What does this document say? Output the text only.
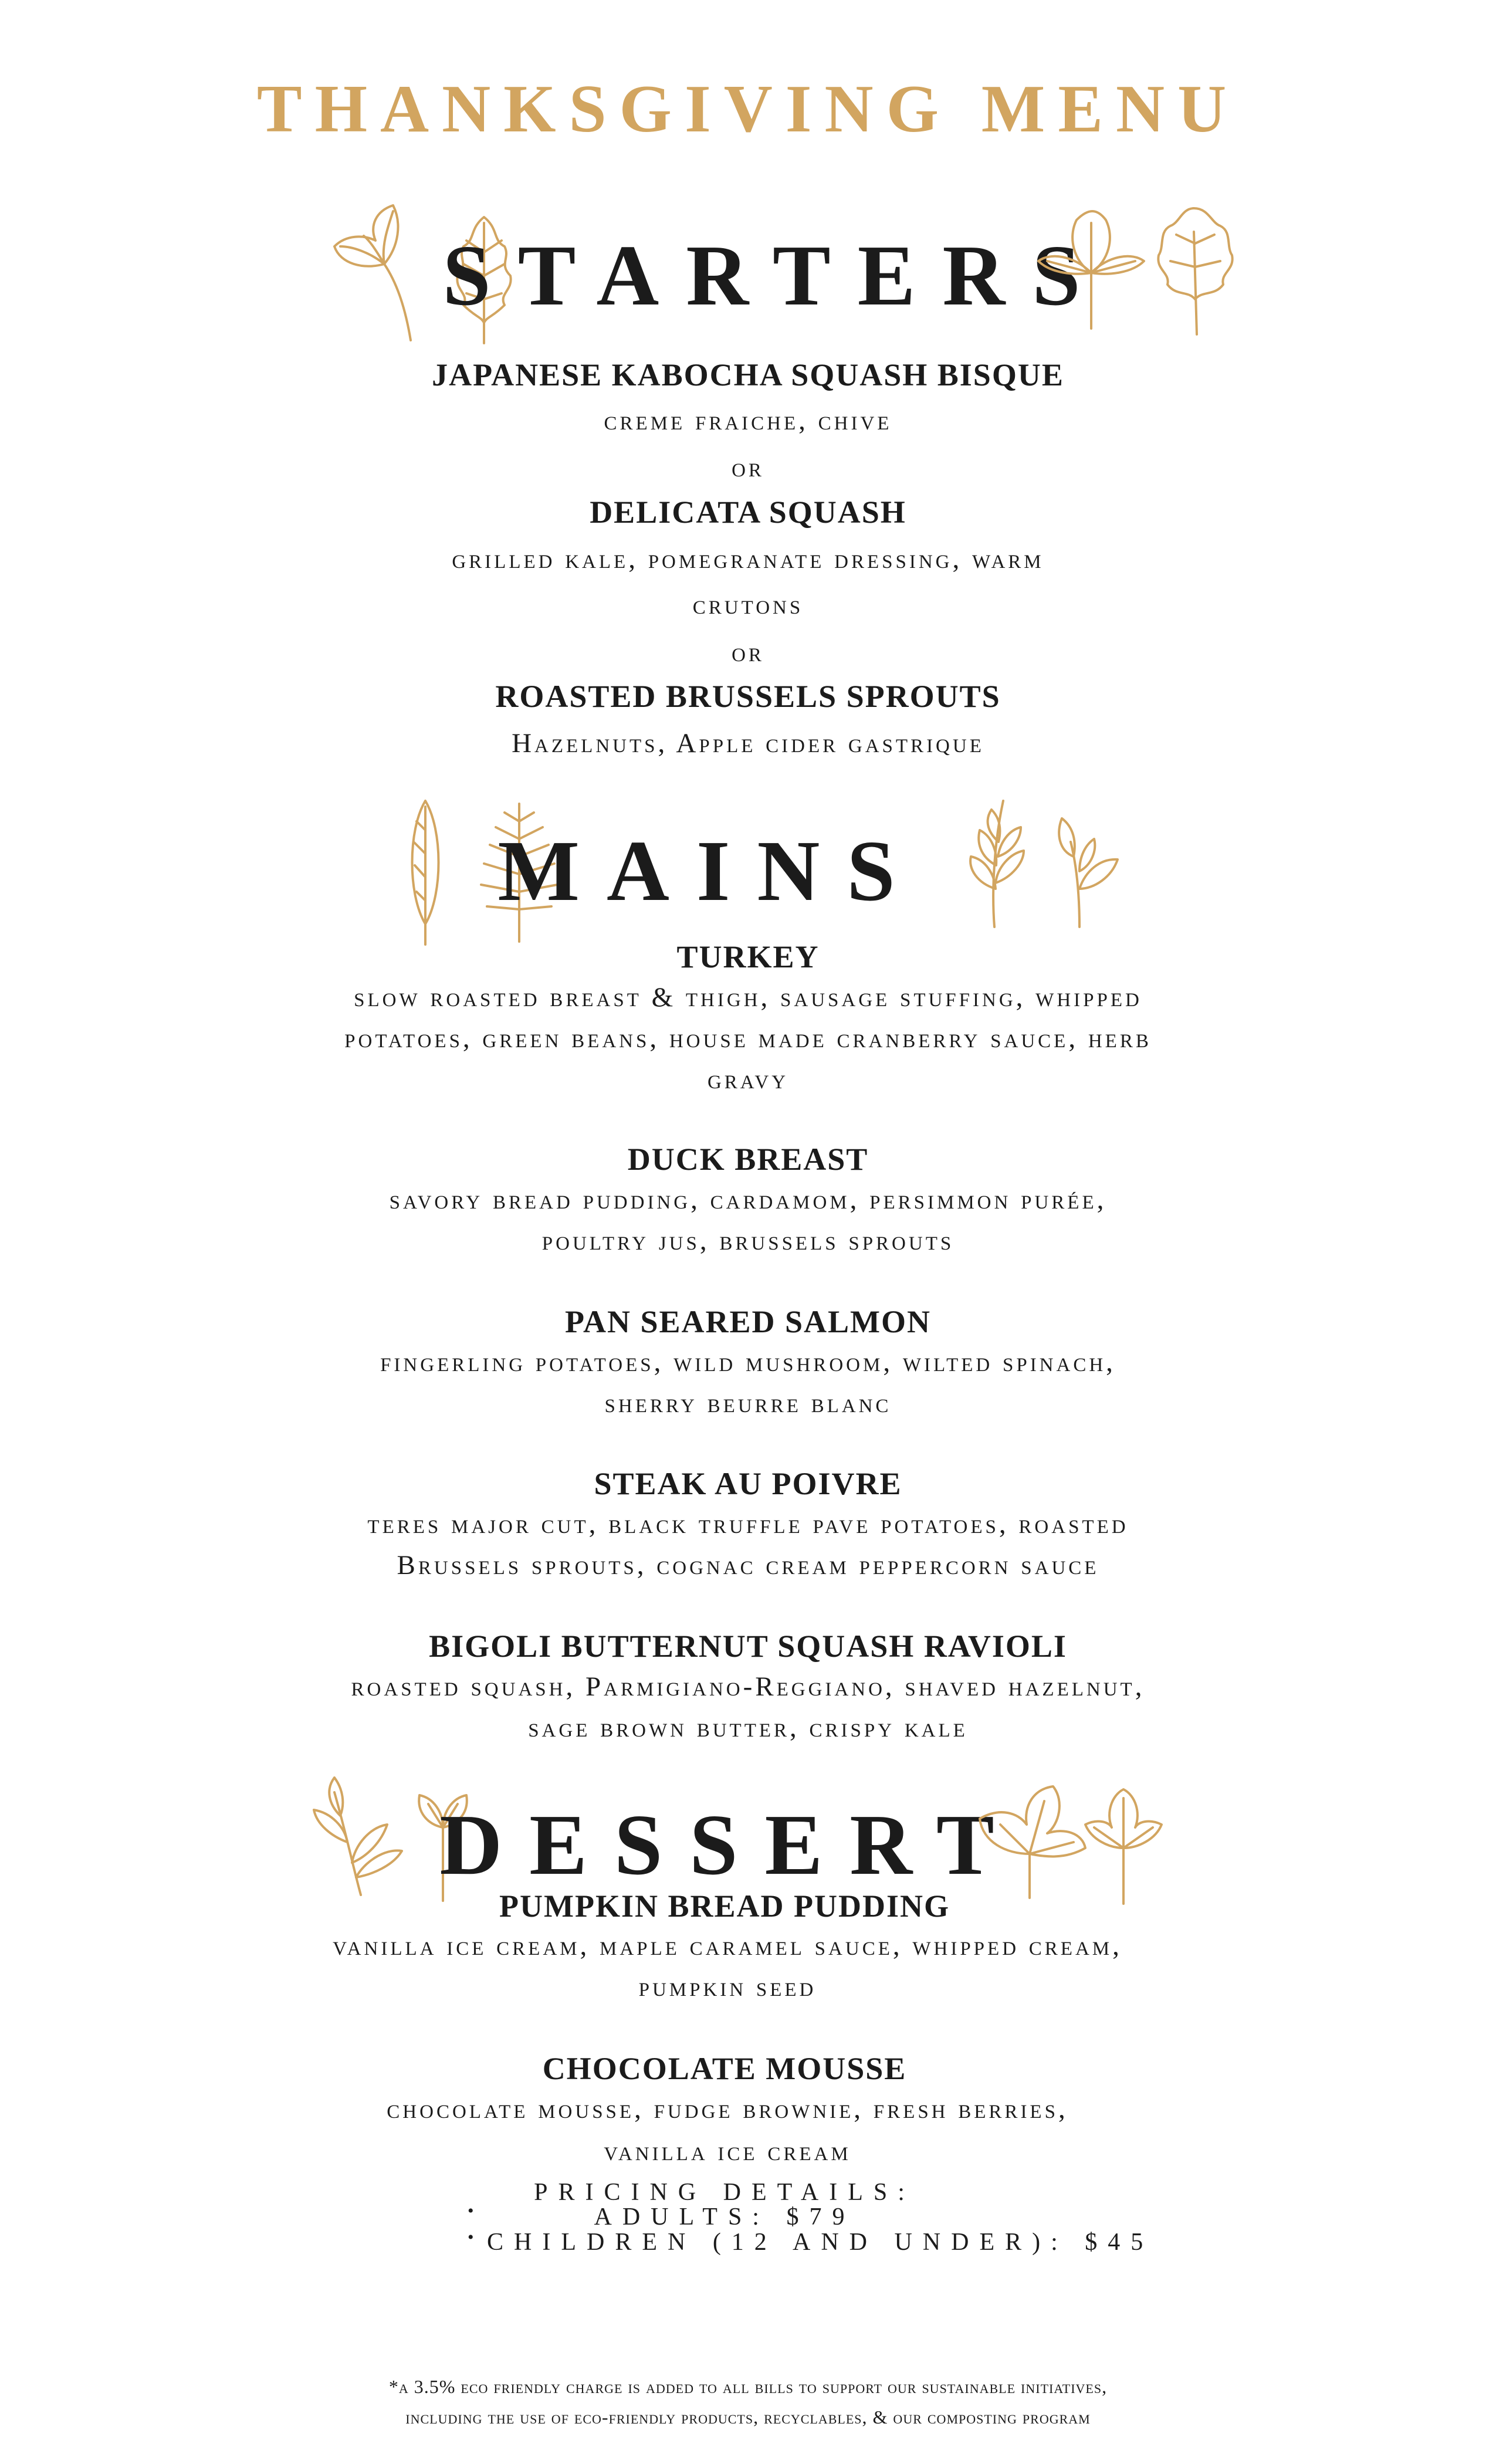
THANKSGIVING MENU
STARTERS
JAPANESE KABOCHA SQUASH BISQUE
creme fraiche, chive
or
DELICATA SQUASH
grilled kale, pomegranate dressing, warm
crutons
or
ROASTED BRUSSELS SPROUTS
Hazelnuts, Apple cider gastrique
MAINS
TURKEY
slow roasted breast & thigh, sausage stuffing, whipped
potatoes, green beans, house made cranberry sauce, herb
gravy
DUCK BREAST
savory bread pudding, cardamom, persimmon purée,
poultry jus, brussels sprouts
PAN SEARED SALMON
fingerling potatoes, wild mushroom, wilted spinach,
sherry beurre blanc
STEAK AU POIVRE
teres major cut, black truffle pave potatoes, roasted
Brussels sprouts, cognac cream peppercorn sauce
BIGOLI BUTTERNUT SQUASH RAVIOLI
roasted squash, Parmigiano-Reggiano, shaved hazelnut,
sage brown butter, crispy kale
DESSERT
PUMPKIN BREAD PUDDING
vanilla ice cream, maple caramel sauce, whipped cream,
pumpkin seed
CHOCOLATE MOUSSE
chocolate mousse, fudge brownie, fresh berries,
vanilla ice cream
PRICING DETAILS:
•	ADULTS: $79
• CHILDREN (12 AND UNDER): $45
*a 3.5% eco friendly charge is added to all bills to support our sustainable initiatives,
including the use of eco-friendly products, recyclables, & our composting program
